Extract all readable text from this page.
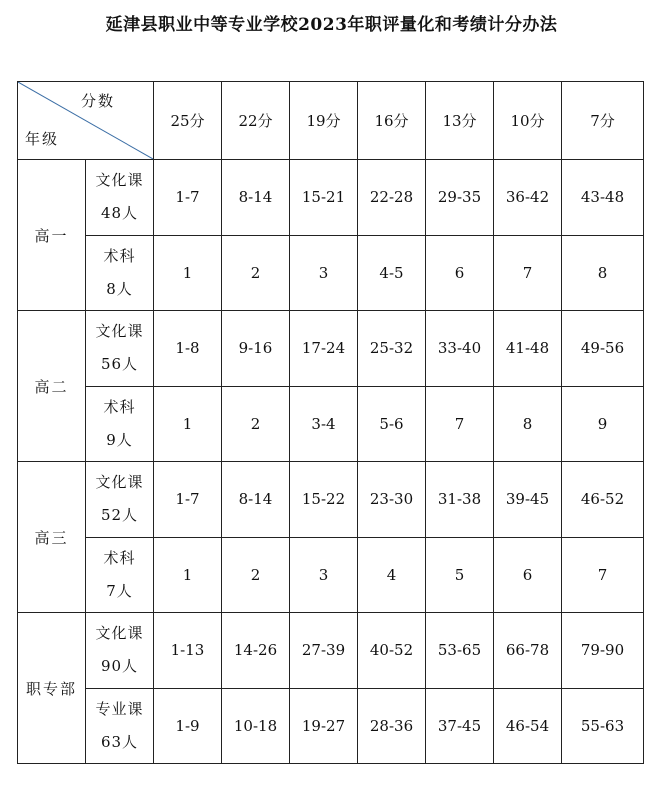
延津县职业中等专业学校2023年职评量化和考绩计分办法
分数
年级		25分	22分	19分	16分	13分	10分	7分
高一	文化课
48人	1-7	8-14	15-21	22-28	29-35	36-42	43-48

	术科
8人	1	2	3	4-5	6	7	8
高二	文化课
56人	1-8	9-16	17-24	25-32	33-40	41-48	49-56

	术科
9人	1	2	3-4	5-6	7	8	9
高三	文化课
52人	1-7	8-14	15-22	23-30	31-38	39-45	46-52

	术科
7人	1	2	3	4	5	6	7
职专部	文化课
90人	1-13	14-26	27-39	40-52	53-65	66-78	79-90

	专业课
63人	1-9	10-18	19-27	28-36	37-45	46-54	55-63
